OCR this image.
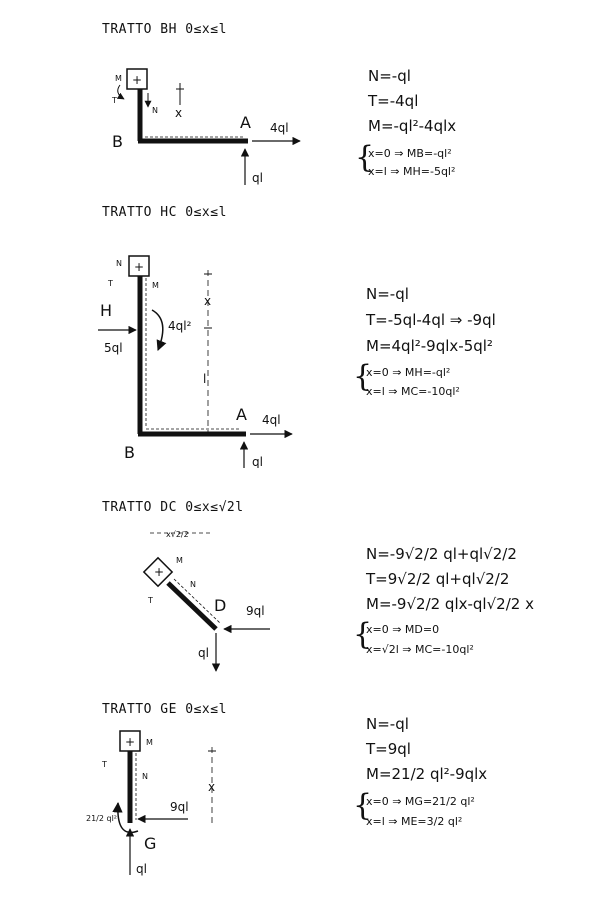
TRATTO BH 0≤x≤l
+
M
T
N x
B
A 4ql
ql
N=-ql
T=-4ql
M=-ql²-4qlx
{
x=0 ⇒ MB=-ql²
x=l ⇒ MH=-5ql²
TRATTO HC 0≤x≤l
+
N
T	M
H
5ql
4ql²
x
l
B
A 4ql
ql
N=-ql
T=-5ql-4ql ⇒ -9ql
M=4ql²-9qlx-5ql²
{
x=0 ⇒ MH=-ql²
x=l ⇒ MC=-10ql²
TRATTO DC 0≤x≤√2l
x√2/2
+
M
T
N
D 9ql
ql
N=-9√2/2 ql+ql√2/2
T=9√2/2 ql+ql√2/2
M=-9√2/2 qlx-ql√2/2 x
{
x=0 ⇒ MD=0
x=√2l ⇒ MC=-10ql²
TRATTO GE 0≤x≤l
+ M
T
N
x
21/2 ql²
9ql
G
ql
N=-ql
T=9ql
M=21/2 ql²-9qlx
{
x=0 ⇒ MG=21/2 ql²
x=l ⇒ ME=3/2 ql²
